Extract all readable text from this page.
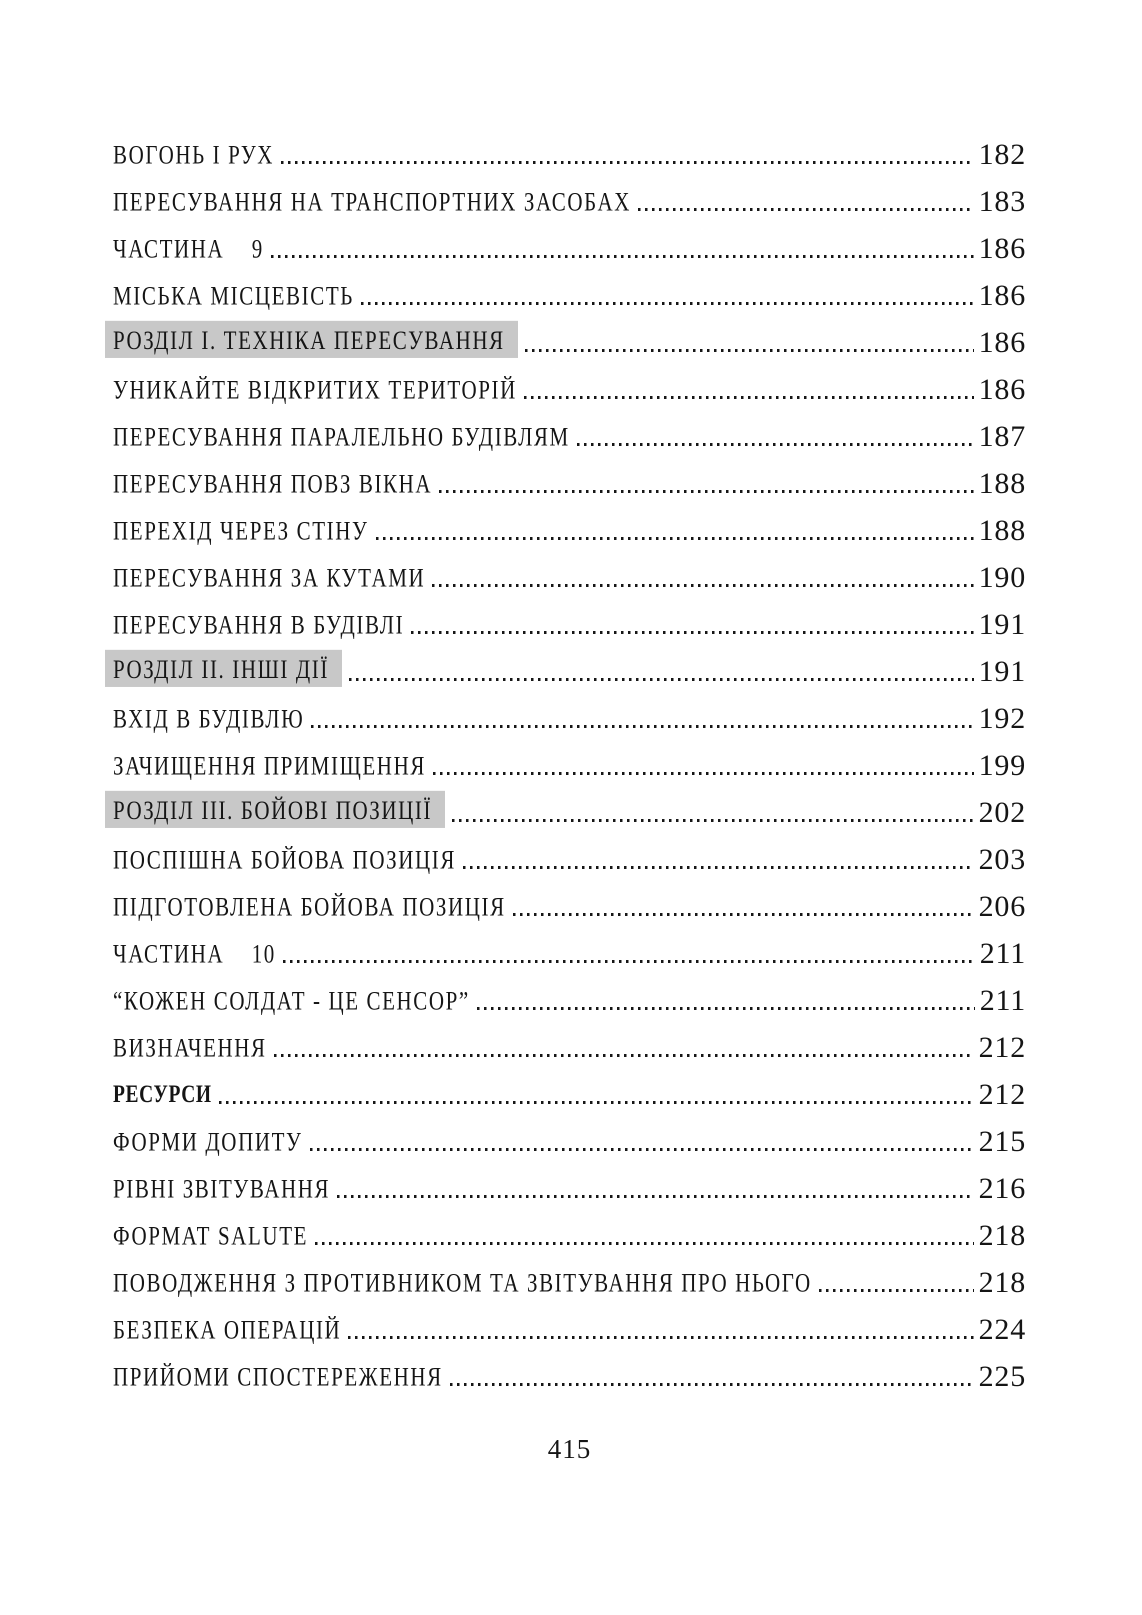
ВОГОНЬ І РУХ	182
ПЕРЕСУВАННЯ НА ТРАНСПОРТНИХ ЗАСОБАХ	183
ЧАСТИНА    9	186
МІСЬКА МІСЦЕВІСТЬ	186
РОЗДІЛ І. ТЕХНІКА ПЕРЕСУВАННЯ	186
УНИКАЙТЕ ВІДКРИТИХ ТЕРИТОРІЙ	186
ПЕРЕСУВАННЯ ПАРАЛЕЛЬНО БУДІВЛЯМ	187
ПЕРЕСУВАННЯ ПОВЗ ВІКНА	188
ПЕРЕХІД ЧЕРЕЗ СТІНУ	188
ПЕРЕСУВАННЯ ЗА КУТАМИ	190
ПЕРЕСУВАННЯ В БУДІВЛІ	191
РОЗДІЛ ІІ. ІНШІ ДІЇ	191
ВХІД В БУДІВЛЮ	192
ЗАЧИЩЕННЯ ПРИМІЩЕННЯ	199
РОЗДІЛ ІІІ. БОЙОВІ ПОЗИЦІЇ	202
ПОСПІШНА БОЙОВА ПОЗИЦІЯ	203
ПІДГОТОВЛЕНА БОЙОВА ПОЗИЦІЯ	206
ЧАСТИНА    10	211
“КОЖЕН СОЛДАТ - ЦЕ СЕНСОР”	211
ВИЗНАЧЕННЯ	212
РЕСУРСИ	212
ФОРМИ ДОПИТУ	215
РІВНІ ЗВІТУВАННЯ	216
ФОРМАТ SALUTE	218
ПОВОДЖЕННЯ З ПРОТИВНИКОМ ТА ЗВІТУВАННЯ ПРО НЬОГО	218
БЕЗПЕКА ОПЕРАЦІЙ	224
ПРИЙОМИ СПОСТЕРЕЖЕННЯ	225
415
